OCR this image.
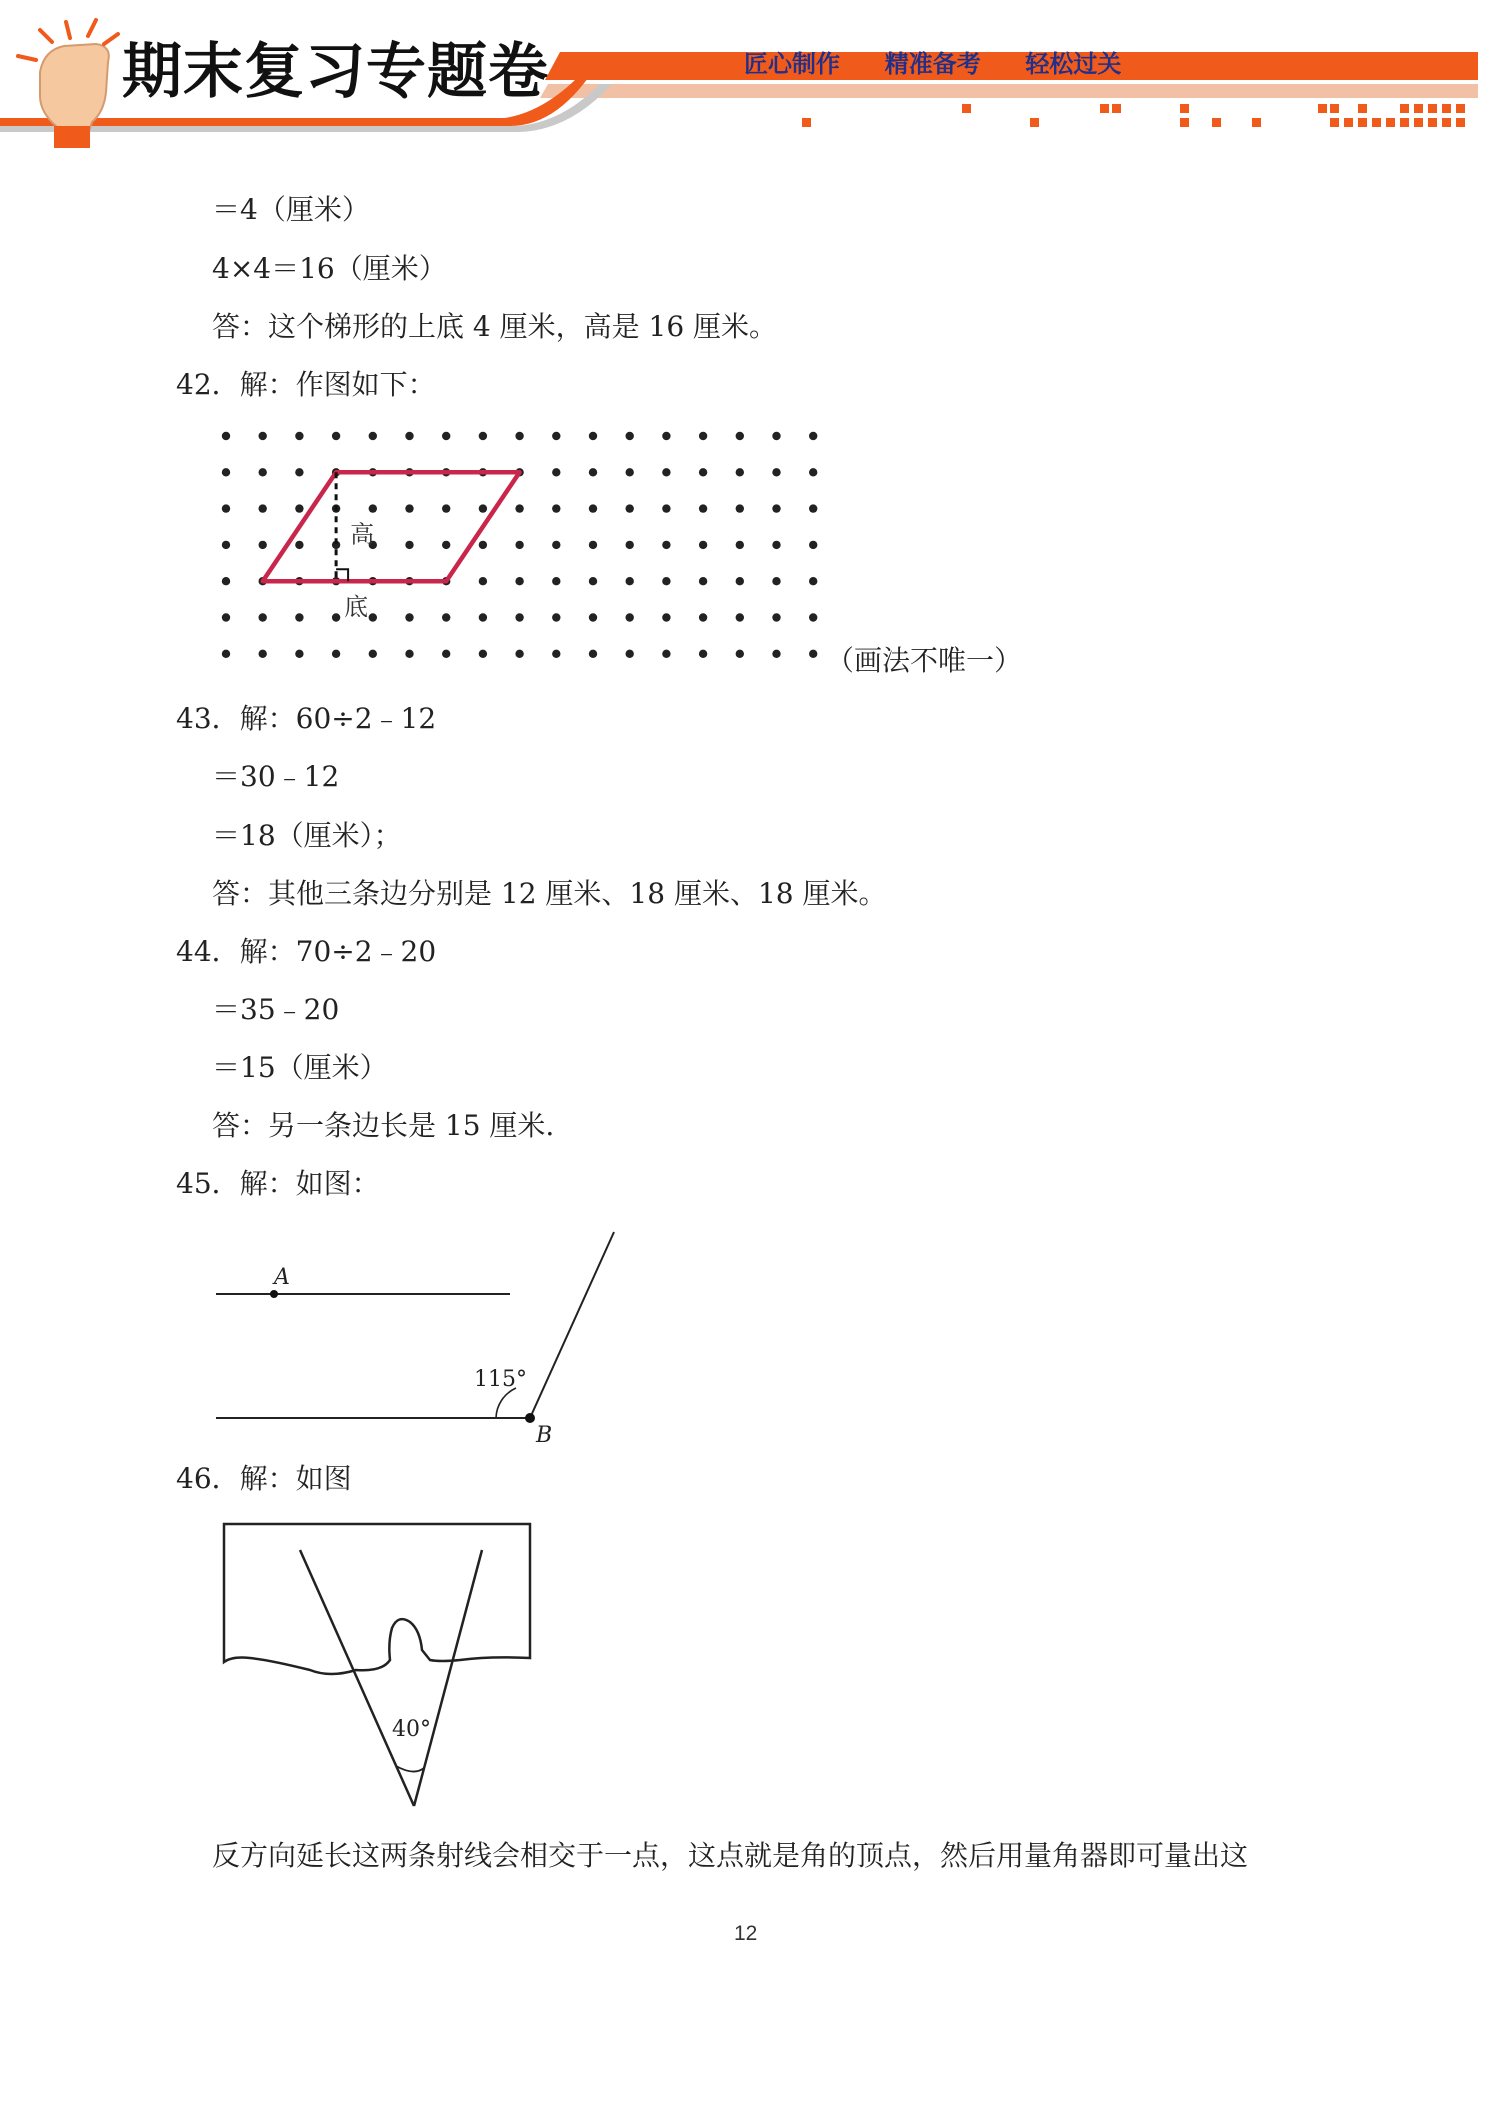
期末复习专题卷	匠心制作  精准备考  轻松过关
＝4（厘米）
4×4＝16（厘米）
答：这个梯形的上底 4 厘米，高是 16 厘米。
42．解：作图如下：
高
底
（画法不唯一）
43．解：60÷2﹣12
＝30﹣12
＝18（厘米）；
答：其他三条边分别是 12 厘米、18 厘米、18 厘米。
44．解：70÷2﹣20
＝35﹣20
＝15（厘米）
答：另一条边长是 15 厘米.
45．解：如图：
A
B
115°
46．解：如图
40°
反方向延长这两条射线会相交于一点，这点就是角的顶点，然后用量角器即可量出这
12
